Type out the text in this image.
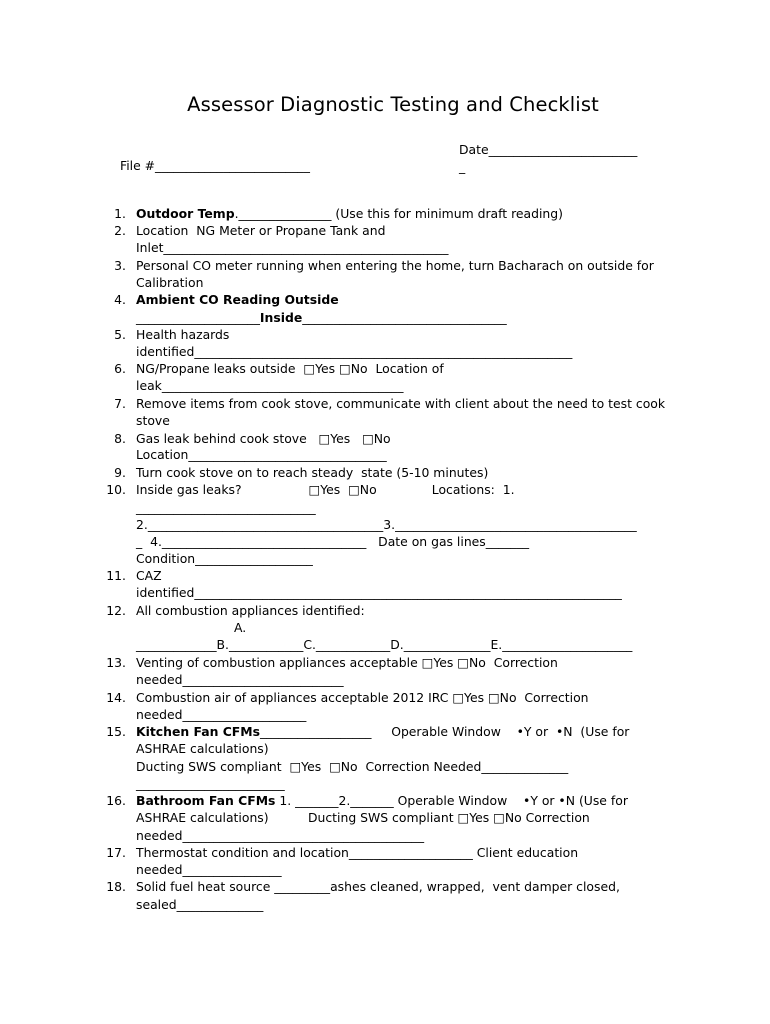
Assessor Diagnostic Testing and Checklist
Date________________________
_
File #_________________________
1. Outdoor Temp._______________ (Use this for minimum draft reading)
2. Location  NG Meter or Propane Tank and
Inlet______________________________________________
3. Personal CO meter running when entering the home, turn Bacharach on outside for
Calibration
4. Ambient CO Reading Outside
____________________Inside_________________________________
5. Health hazards
identified_____________________________________________________________
6. NG/Propane leaks outside  □Yes □No  Location of
leak_______________________________________
7. Remove items from cook stove, communicate with client about the need to test cook
stove
8. Gas leak behind cook stove   □Yes   □No
Location________________________________
9. Turn cook stove on to reach steady  state (5-10 minutes)
10. Inside gas leaks?                 □Yes  □No              Locations:  1.
_____________________________
2.______________________________________3._______________________________________
_  4._________________________________   Date on gas lines_______
Condition___________________
11. CAZ
identified_____________________________________________________________________
12. All combustion appliances identified:
A.
_____________B.____________C.____________D.______________E._____________________
13. Venting of combustion appliances acceptable □Yes □No  Correction
needed__________________________
14. Combustion air of appliances acceptable 2012 IRC □Yes □No  Correction
needed____________________
15. Kitchen Fan CFMs__________________     Operable Window    •Y or  •N  (Use for
ASHRAE calculations)
Ducting SWS compliant  □Yes  □No  Correction Needed______________
________________________
16. Bathroom Fan CFMs 1. _______2._______ Operable Window    •Y or •N (Use for
ASHRAE calculations)          Ducting SWS compliant □Yes □No Correction
needed_______________________________________
17. Thermostat condition and location____________________ Client education
needed________________
18. Solid fuel heat source _________ashes cleaned, wrapped,  vent damper closed,
sealed______________
